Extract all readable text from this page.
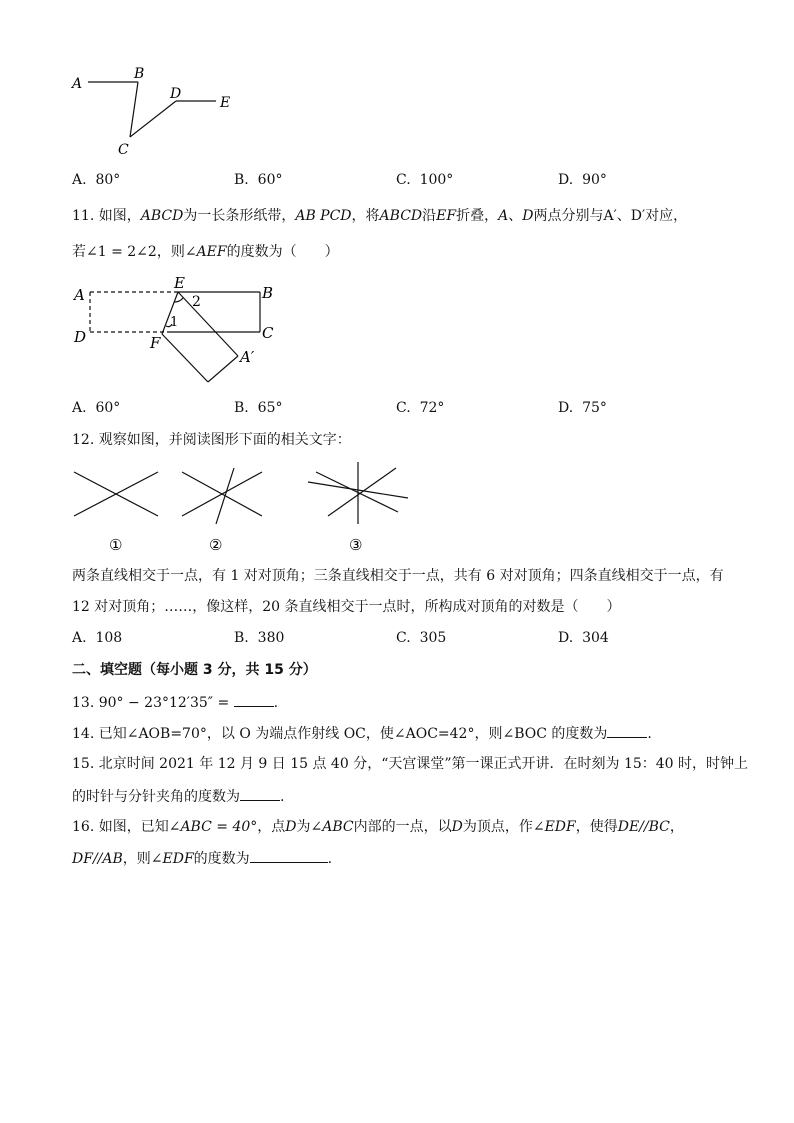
A
B
C
D
E
A. 80°	B. 60°	C. 100°	D. 90°
11. 如图，ABCD为一长条形纸带，AB PCD，将ABCD沿EF折叠，A、D两点分别与A′、D′对应，
若∠1 = 2∠2，则∠AEF的度数为（　　）
A	B
C
D
E
F
A′
2
1
A. 60°	B. 65°	C. 72°	D. 75°
12. 观察如图，并阅读图形下面的相关文字：
①	②	③
两条直线相交于一点，有 1 对对顶角；三条直线相交于一点，共有 6 对对顶角；四条直线相交于一点，有
12 对对顶角；……，像这样，20 条直线相交于一点时，所构成对顶角的对数是（　　）
A. 108	B. 380	C. 305	D. 304
二、填空题（每小题 3 分，共 15 分）
13. 90° − 23°12′35″ =	.
14. 已知∠AOB=70°，以 O 为端点作射线 OC，使∠AOC=42°，则∠BOC 的度数为	.
15. 北京时间 2021 年 12 月 9 日 15 点 40 分，“天宫课堂”第一课正式开讲．在时刻为 15：40 时，时钟上
的时针与分针夹角的度数为	.
16. 如图，已知∠ABC = 40°，点D为∠ABC内部的一点，以D为顶点，作∠EDF，使得DE//BC，
DF//AB，则∠EDF的度数为	.
